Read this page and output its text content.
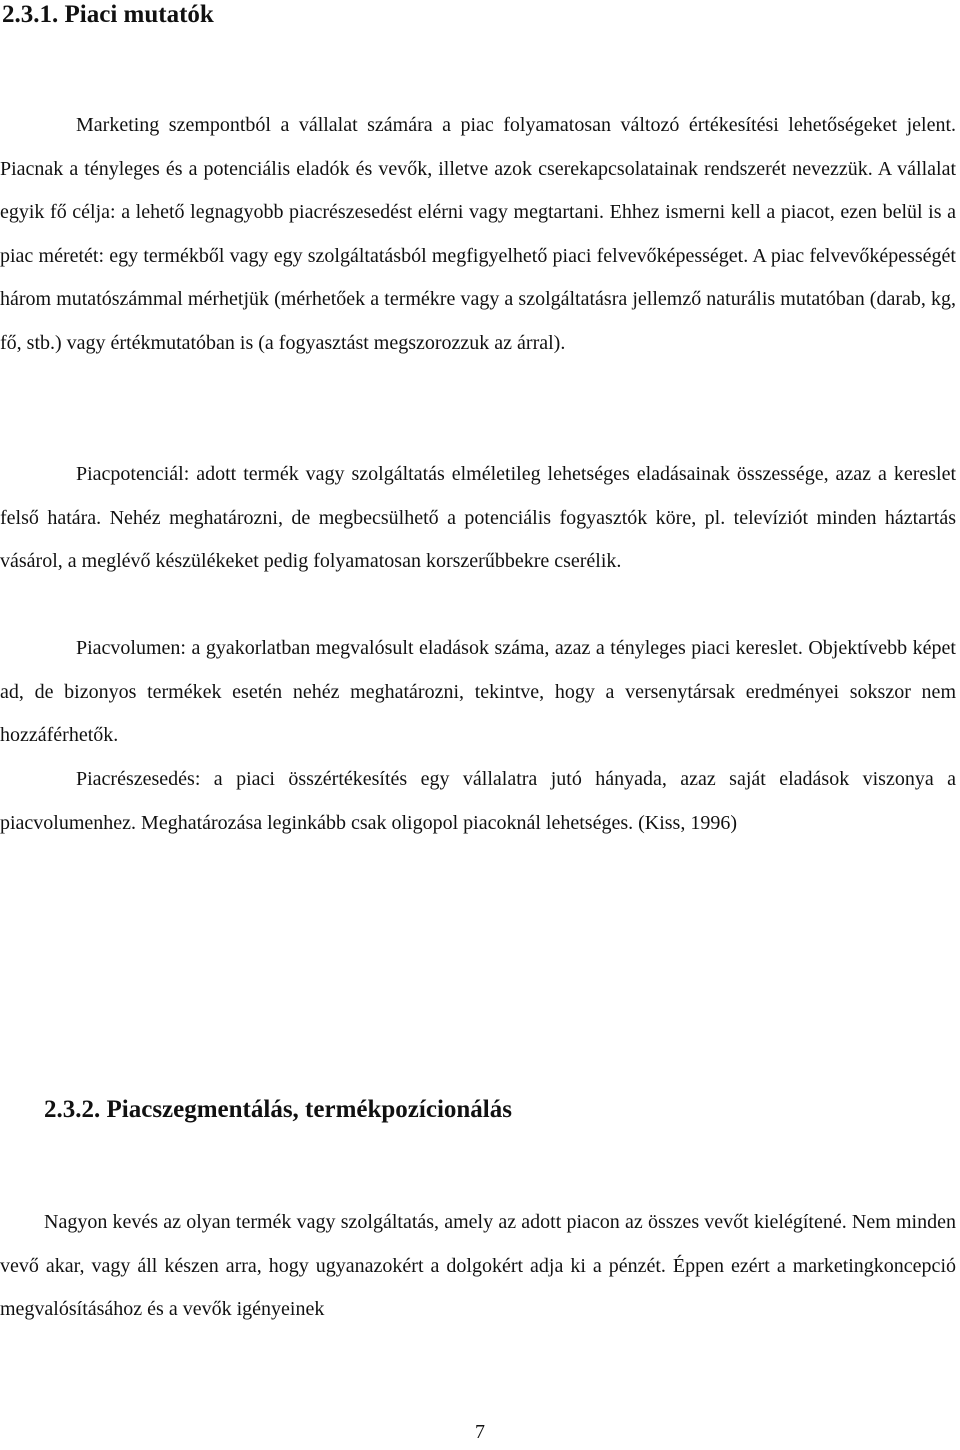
2.3.1. Piaci mutatók

Marketing szempontból a vállalat számára a piac folyamatosan változó értékesítési lehetőségeket jelent. Piacnak a tényleges és a potenciális eladók és vevők, illetve azok cserekapcsolatainak rendszerét nevezzük. A vállalat egyik fő célja: a lehető legnagyobb piacrészesedést elérni vagy megtartani. Ehhez ismerni kell a piacot, ezen belül is a piac méretét: egy termékből vagy egy szolgáltatásból megfigyelhető piaci felvevőképességet. A piac felvevőképességét három mutatószámmal mérhetjük (mérhetőek a termékre vagy a szolgáltatásra jellemző naturális mutatóban (darab, kg, fő, stb.) vagy értékmutatóban is (a fogyasztást megszorozzuk az árral).

Piacpotenciál: adott termék vagy szolgáltatás elméletileg lehetséges eladásainak összessége, azaz a kereslet felső határa. Nehéz meghatározni, de megbecsülhető a potenciális fogyasztók köre, pl. televíziót minden háztartás vásárol, a meglévő készülékeket pedig folyamatosan korszerűbbekre cserélik.

Piacvolumen: a gyakorlatban megvalósult eladások száma, azaz a tényleges piaci kereslet. Objektívebb képet ad, de bizonyos termékek esetén nehéz meghatározni, tekintve, hogy a versenytársak eredményei sokszor nem hozzáférhetők.

Piacrészesedés: a piaci összértékesítés egy vállalatra jutó hányada, azaz saját eladások viszonya a piacvolumenhez. Meghatározása leginkább csak oligopol piacoknál lehetséges. (Kiss, 1996)

2.3.2. Piacszegmentálás, termékpozícionálás

Nagyon kevés az olyan termék vagy szolgáltatás, amely az adott piacon az összes vevőt kielégítené. Nem minden vevő akar, vagy áll készen arra, hogy ugyanazokért a dolgokért adja ki a pénzét. Éppen ezért a marketingkoncepció megvalósításához és a vevők igényeinek

7
